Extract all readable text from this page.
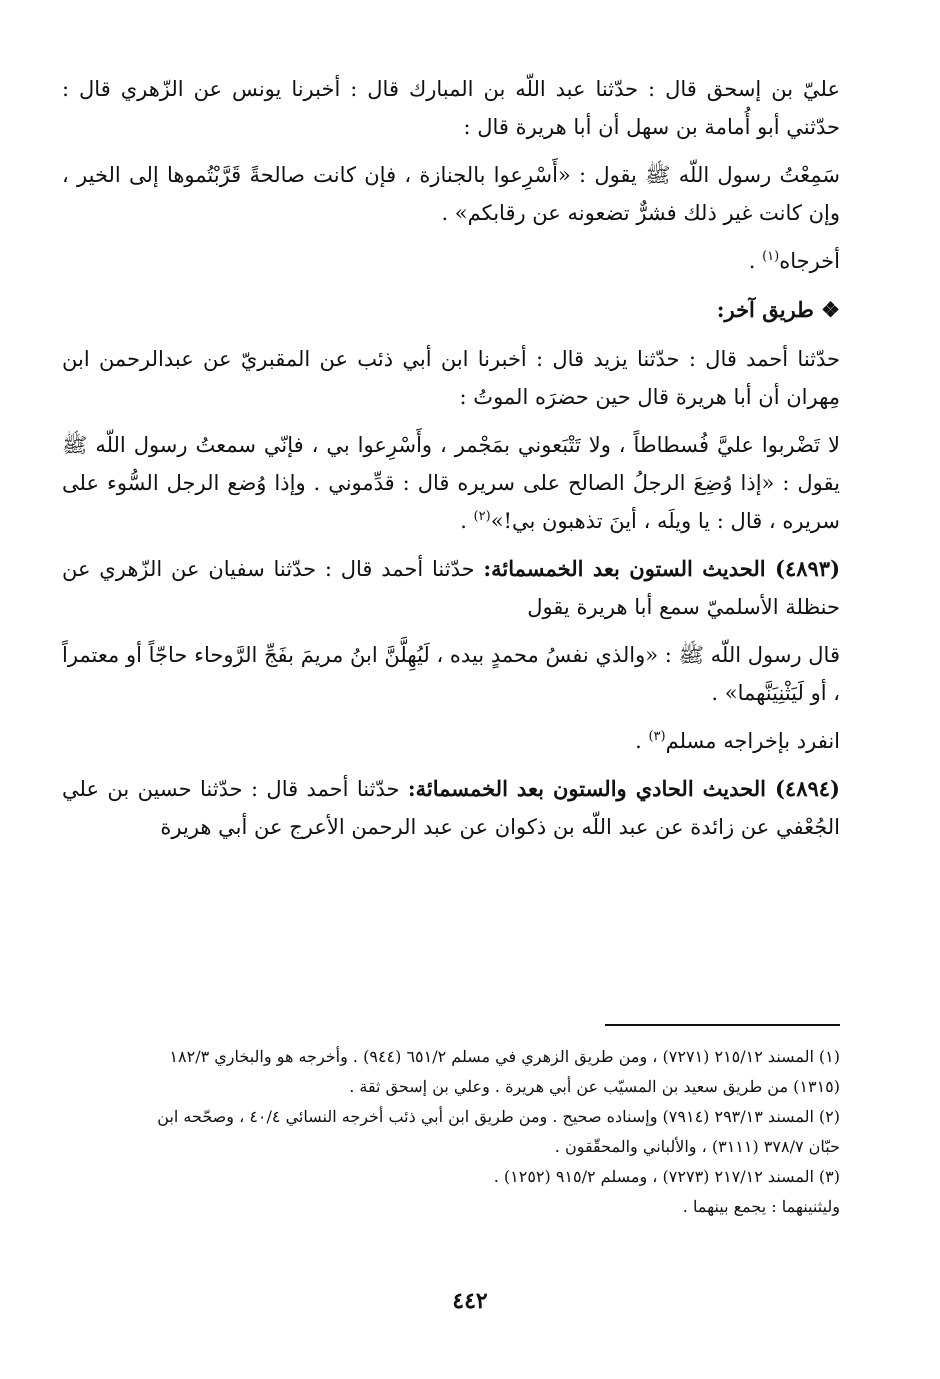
عليّ بن إسحق قال : حدّثنا عبد اللّه بن المبارك قال : أخبرنا يونس عن الزّهري قال : حدّثني أبو أُمامة بن سهل أن أبا هريرة قال :

سَمِعْتُ رسول اللّه ﷺ يقول : «أَسْرِعوا بالجنازة ، فإن كانت صالحةً قَرَّبْتُموها إلى الخير ، وإن كانت غير ذلك فشرٌّ تضعونه عن رقابكم» .

أخرجاه$^{(١)}$ .

❖ طريق آخر:

حدّثنا أحمد قال : حدّثنا يزيد قال : أخبرنا ابن أبي ذئب عن المقبريّ عن عبدالرحمن ابن مِهران أن أبا هريرة قال حين حضرَه الموتُ :

لا تَضْربوا عليَّ فُسطاطاً ، ولا تَتْبَعوني بمَجْمر ، وأَسْرِعوا بي ، فإنّي سمعتُ رسول اللّه ﷺ يقول : «إذا وُضِعَ الرجلُ الصالح على سريره قال : قدِّموني . وإذا وُضع الرجل السُّوء على سريره ، قال : يا ويلَه ، أينَ تذهبون بي!»$^{(٢)}$ .

(٤٨٩٣) الحديث الستون بعد الخمسمائة: حدّثنا أحمد قال : حدّثنا سفيان عن الزّهري عن حنظلة الأسلميّ سمع أبا هريرة يقول

قال رسول اللّه ﷺ : «والذي نفسُ محمدٍ بيده ، لَيُهِلَّنَّ ابنُ مريمَ بفَجِّ الرَّوحاء حاجّاً أو معتمراً ، أو لَيَثْنِيَنَّهما» .

انفرد بإخراجه مسلم$^{(٣)}$ .

(٤٨٩٤) الحديث الحادي والستون بعد الخمسمائة: حدّثنا أحمد قال : حدّثنا حسين بن علي الجُعْفي عن زائدة عن عبد اللّه بن ذكوان عن عبد الرحمن الأعرج عن أبي هريرة

(١)المسند ٢١٥/١٢ (٧٢٧١) ، ومن طريق الزهري في مسلم ٦٥١/٢ (٩٤٤) . وأخرجه هو والبخاري ١٨٢/٣

(١٣١٥) من طريق سعيد بن المسيّب عن أبي هريرة . وعلي بن إسحق ثقة .

(٢)المسند ٢٩٣/١٣ (٧٩١٤) وإسناده صحيح . ومن طريق ابن أبي ذئب أخرجه النسائي ٤٠/٤ ، وصحّحه ابن

حبّان ٣٧٨/٧ (٣١١١) ، والألباني والمحقّقون .

(٣)المسند ٢١٧/١٢ (٧٢٧٣) ، ومسلم ٩١٥/٢ (١٢٥٢) .

وليثنينهما : يجمع بينهما .

٤٤٢
